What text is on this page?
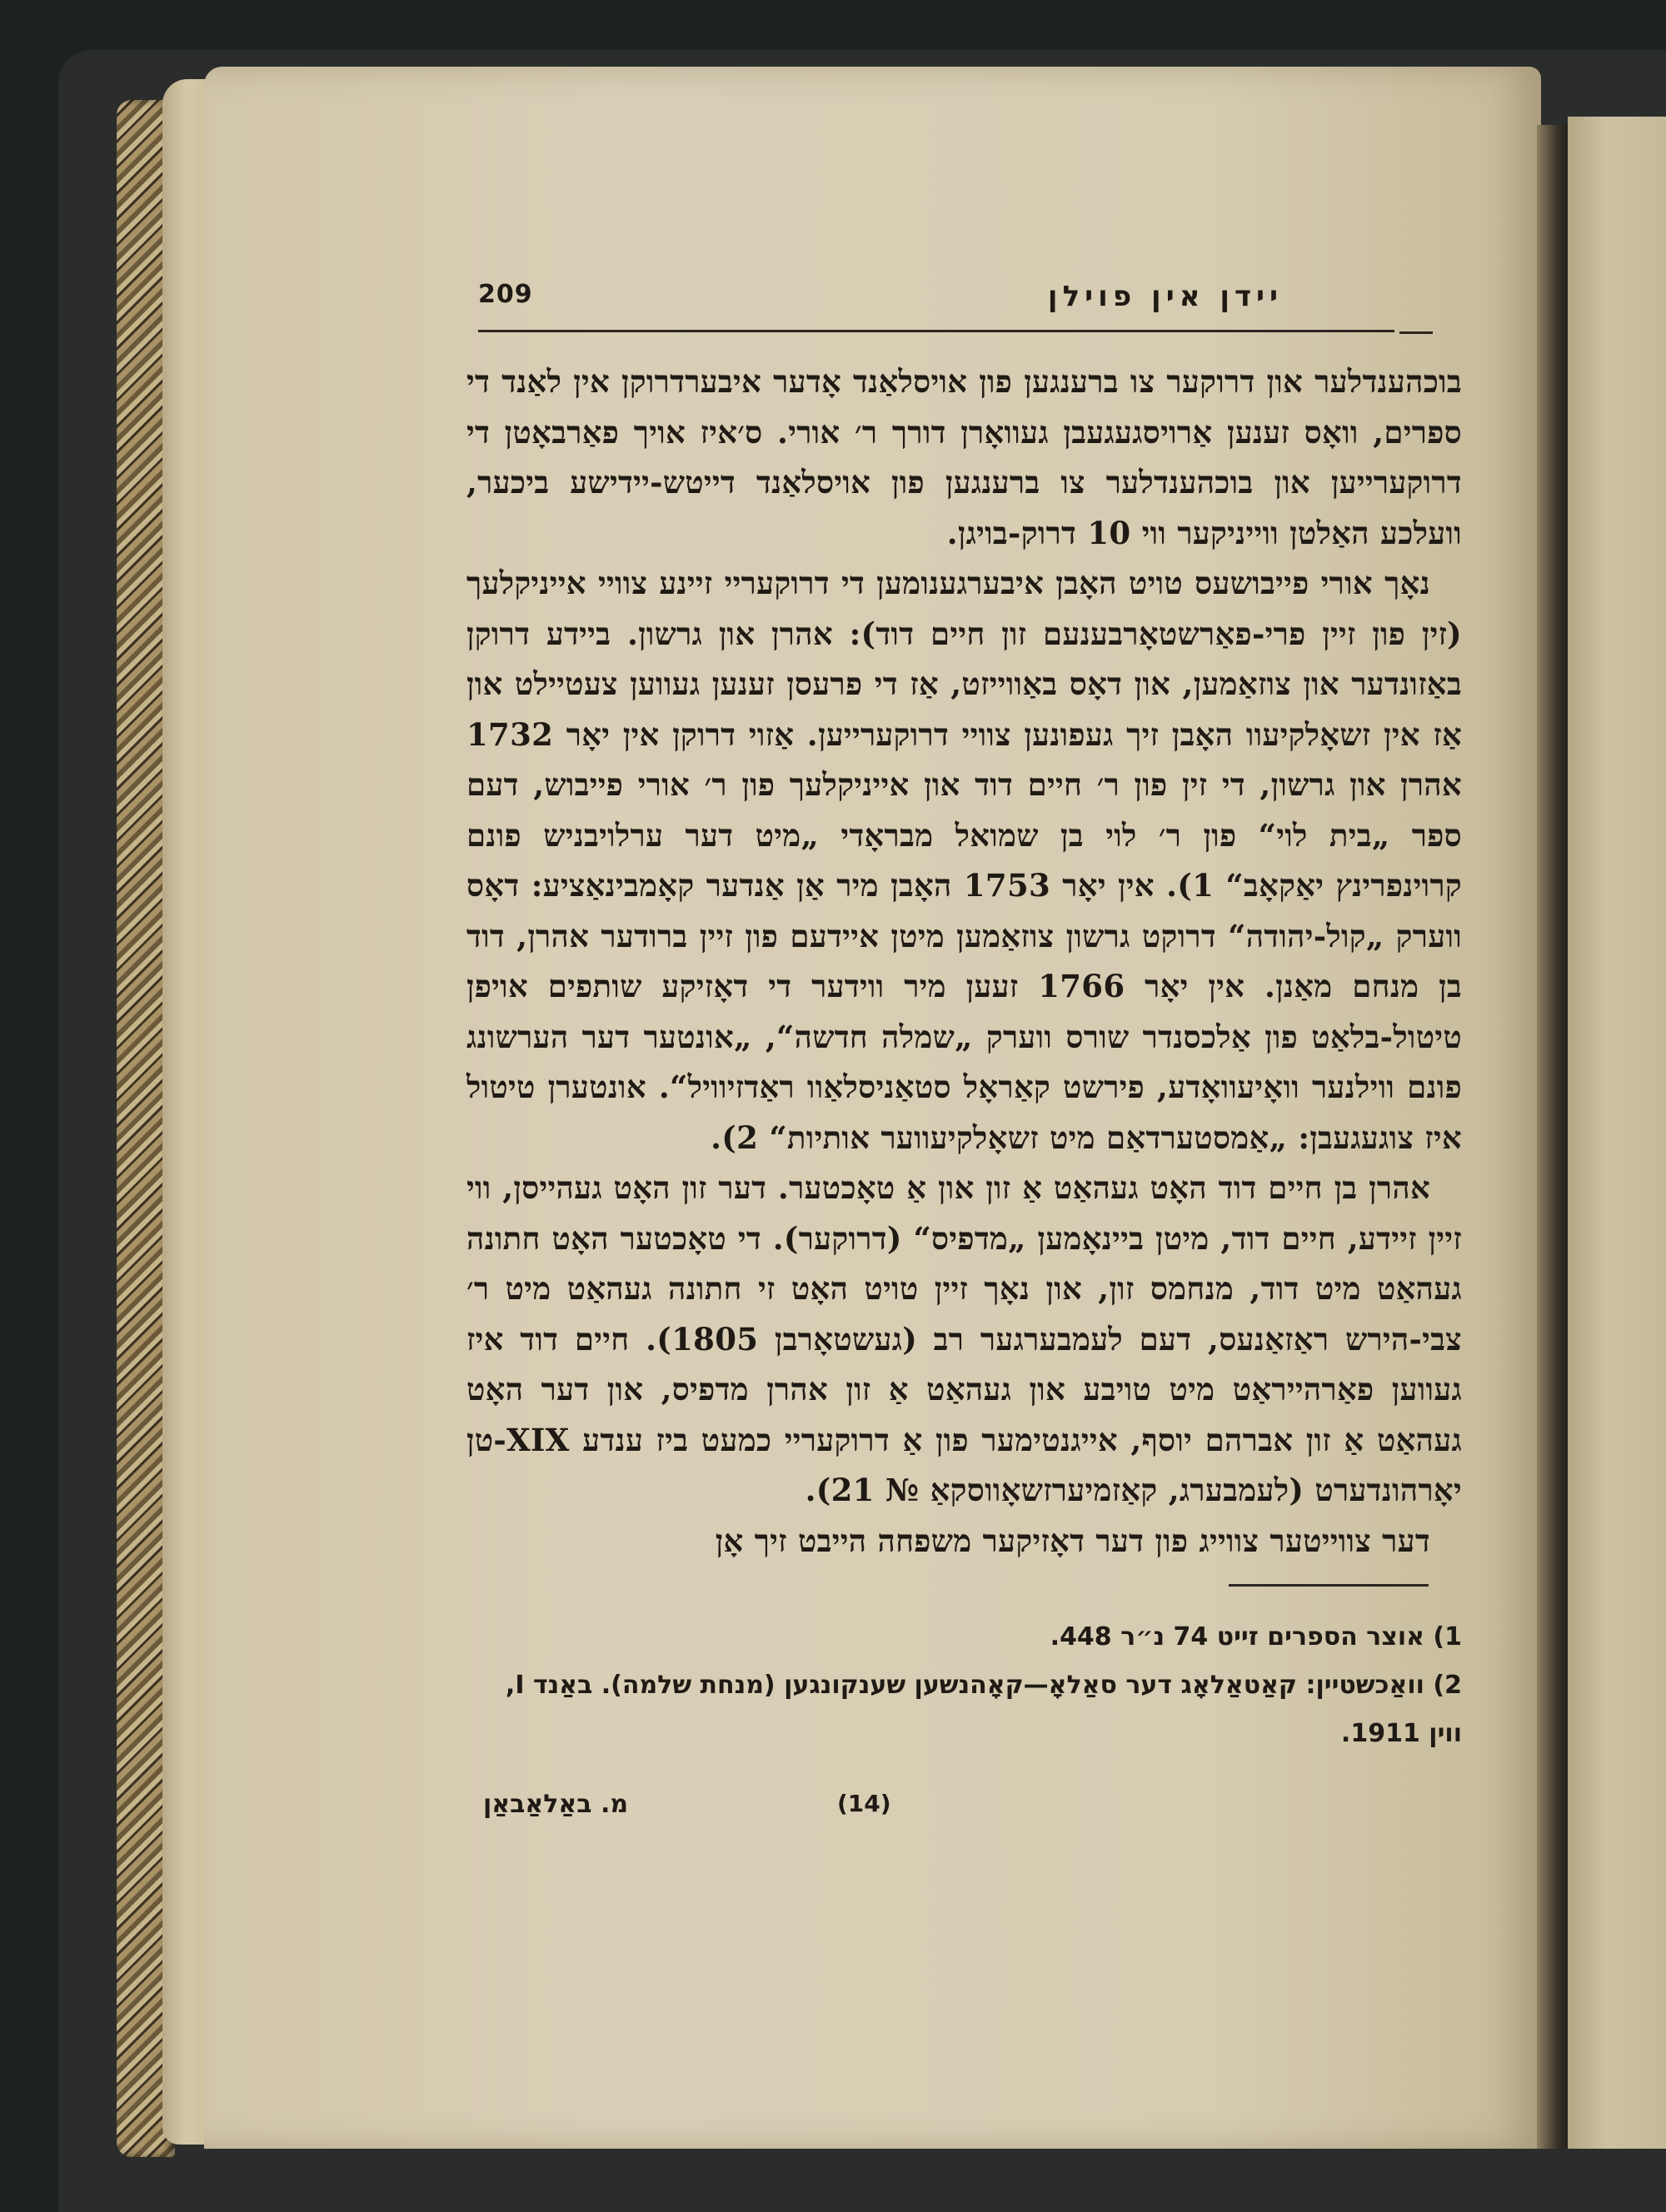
209	יידן אין פוילן

בוכהענדלער און דרוקער צו ברענגען פון אויסלאַנד אָדער איבערדרוקן אין לאַנד די ספרים, וואָס זענען אַרויסגעגעבן געוואָרן דורך ר׳ אורי. ס׳איז אויך פאַרבאָטן די דרוקערייען און בוכהענדלער צו ברענגען פון אויסלאַנד דייטש-יידישע ביכער, וועלכע האַלטן ווייניקער ווי 10 דרוק-בויגן.

נאָך אורי פייבושעס טויט האָבן איבערגענומען די דרוקעריי זיינע צוויי אייניקלעך (זין פון זיין פרי-פאַרשטאָרבענעם זון חיים דוד): אהרן און גרשון. ביידע דרוקן באַזונדער און צוזאַמען, און דאָס באַווייזט, אַז די פרעסן זענען געווען צעטיילט און אַז אין זשאָלקיעוו האָבן זיך געפונען צוויי דרוקערייען. אַזוי דרוקן אין יאָר 1732 אהרן און גרשון, די זין פון ר׳ חיים דוד און אייניקלעך פון ר׳ אורי פייבוש, דעם ספר „בית לוי“ פון ר׳ לוי בן שמואל מבראָדי „מיט דער ערלויבניש פונם קרוינפרינץ יאַקאָב“ 1). אין יאָר 1753 האָבן מיר אַן אַנדער קאָמבינאַציע: דאָס ווערק „קול-יהודה“ דרוקט גרשון צוזאַמען מיטן איידעם פון זיין ברודער אהרן, דוד בן מנחם מאַנן. אין יאָר 1766 זעען מיר ווידער די דאָזיקע שותפים אויפן טיטול-בלאַט פון אַלכסנדר שורס ווערק „שמלה חדשה“, „אונטער דער הערשונג פונם ווילנער וואָיעוואָדע, פירשט קאַראָל סטאַניסלאַוו ראַדזיוויל“. אונטערן טיטול איז צוגעגעבן: „אַמסטערדאַם מיט זשאָלקיעווער אותיות“ 2).

אהרן בן חיים דוד האָט געהאַט אַ זון און אַ טאָכטער. דער זון האָט געהייסן, ווי זיין זיידע, חיים דוד, מיטן ביינאָמען „מדפיס“ (דרוקער). די טאָכטער האָט חתונה געהאַט מיט דוד, מנחמס זון, און נאָך זיין טויט האָט זי חתונה געהאַט מיט ר׳ צבי-הירש ראַזאַנעס, דעם לעמבערגער רב (געשטאָרבן 1805). חיים דוד איז געווען פאַרהייראַט מיט טויבע און געהאַט אַ זון אהרן מדפיס, און דער האָט געהאַט אַ זון אברהם יוסף, אייגנטימער פון אַ דרוקעריי כמעט ביז ענדע XIX-טן יאָרהונדערט (לעמבערג, קאַזמיערזשאָווסקאַ № 21).

דער צווייטער צווייג פון דער דאָזיקער משפחה הייבט זיך אָן

1) אוצר הספרים זייט 74 נ״ר 448.

2) וואַכשטיין: קאַטאַלאָג דער סאַלאָ—קאָהנשען שענקונגען (מנחת שלמה). באַנד I, ווין 1911.

מ. באַלאַבאַן	(14)
